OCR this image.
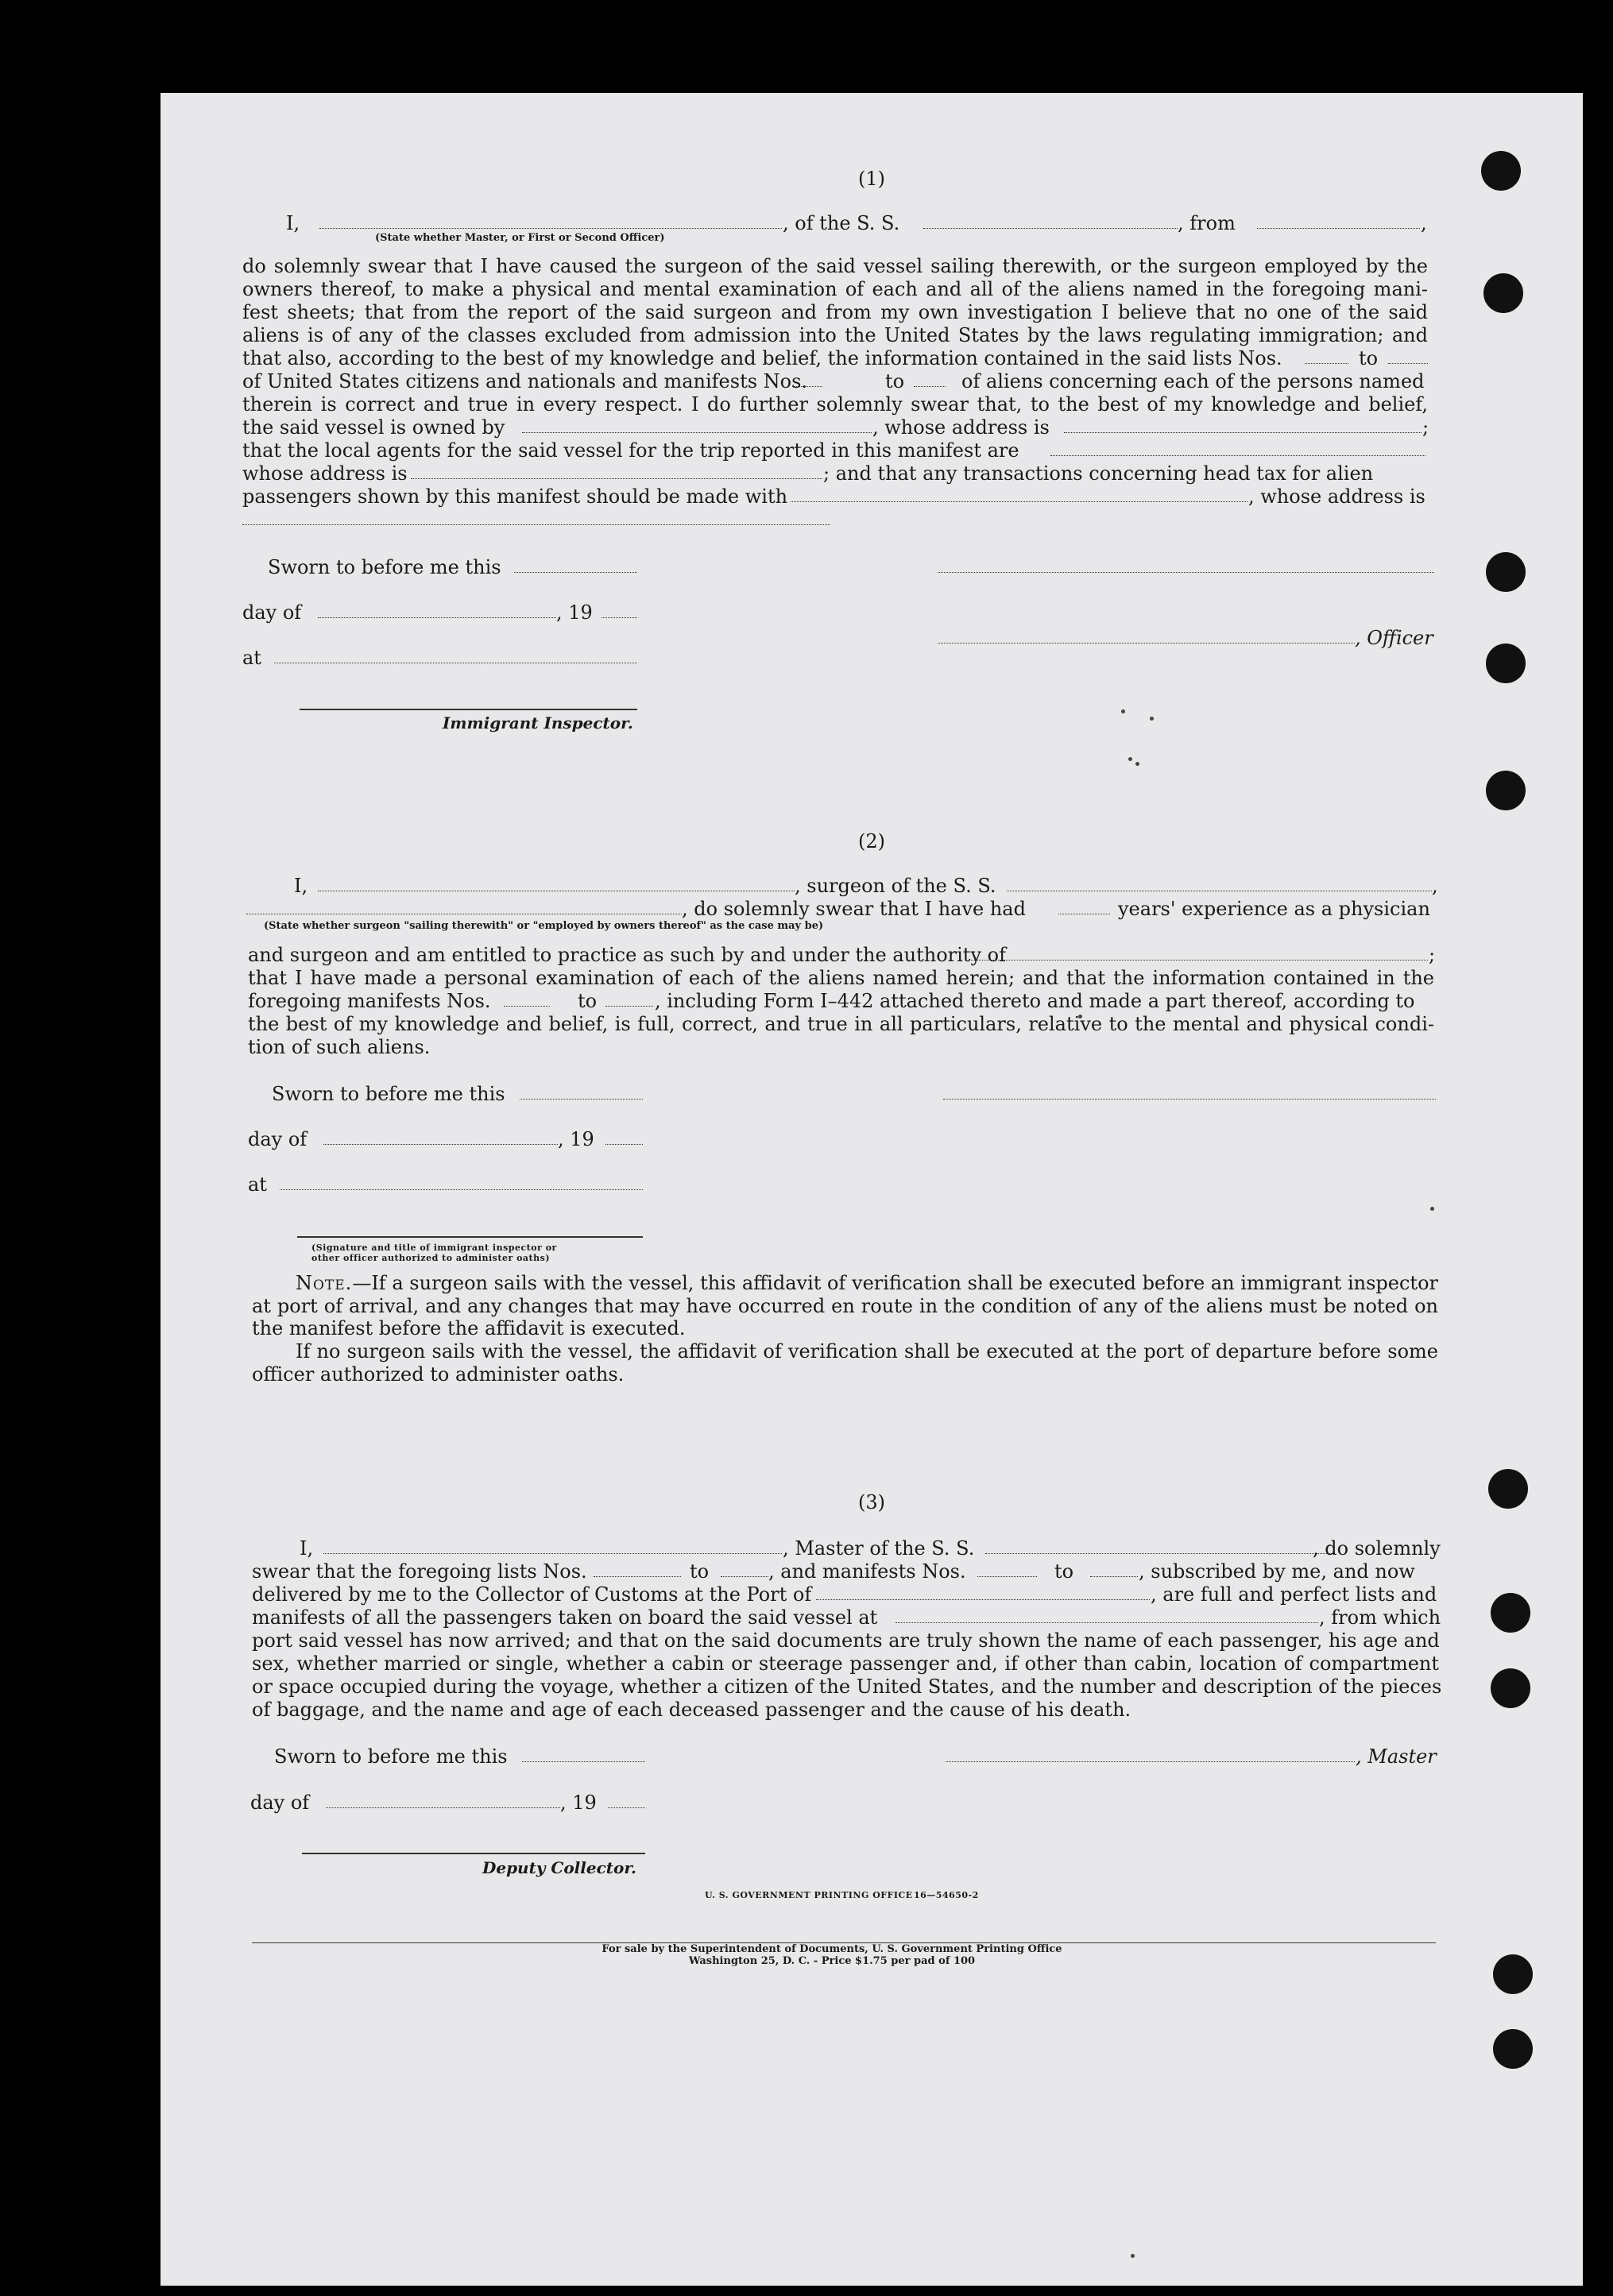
(1)
I,	, of the S. S.	, from	,
(State whether Master, or First or Second Officer)
do solemnly swear that I have caused the surgeon of the said vessel sailing therewith, or the surgeon employed by the
owners thereof, to make a physical and mental examination of each and all of the aliens named in the foregoing mani-
fest sheets; that from the report of the said surgeon and from my own investigation I believe that no one of the said
aliens is of any of the classes excluded from admission into the United States by the laws regulating immigration; and
that also, according to the best of my knowledge and belief, the information contained in the said lists Nos.	to
of United States citizens and nationals and manifests Nos.	to	of aliens concerning each of the persons named
therein is correct and true in every respect. I do further solemnly swear that, to the best of my knowledge and belief,
the said vessel is owned by	, whose address is	;
that the local agents for the said vessel for the trip reported in this manifest are
whose address is	; and that any transactions concerning head tax for alien
passengers shown by this manifest should be made with	, whose address is
Sworn to before me this
day of	, 19
at
, Officer
Immigrant Inspector.
(2)
I,	, surgeon of the S. S.	,
, do solemnly swear that I have had	years' experience as a physician
(State whether surgeon "sailing therewith" or "employed by owners thereof" as the case may be)
and surgeon and am entitled to practice as such by and under the authority of	;
that I have made a personal examination of each of the aliens named herein; and that the information contained in the
foregoing manifests Nos.	to	, including Form I–442 attached thereto and made a part thereof, according to
the best of my knowledge and belief, is full, correct, and true in all particulars, relative to the mental and physical condi-
tion of such aliens.
Sworn to before me this
day of	, 19
at
(Signature and title of immigrant inspector or
other officer authorized to administer oaths)
Note.—If a surgeon sails with the vessel, this affidavit of verification shall be executed before an immigrant inspector at port of arrival, and any changes that may have occurred en route in the condition of any of the aliens must be noted on the manifest before the affidavit is executed.
If no surgeon sails with the vessel, the affidavit of verification shall be executed at the port of departure before some officer authorized to administer oaths.
(3)
I,	, Master of the S. S.	, do solemnly
swear that the foregoing lists Nos.	to	, and manifests Nos.	to	, subscribed by me, and now
delivered by me to the Collector of Customs at the Port of	, are full and perfect lists and
manifests of all the passengers taken on board the said vessel at	, from which
port said vessel has now arrived; and that on the said documents are truly shown the name of each passenger, his age and
sex, whether married or single, whether a cabin or steerage passenger and, if other than cabin, location of compartment
or space occupied during the voyage, whether a citizen of the United States, and the number and description of the pieces
of baggage, and the name and age of each deceased passenger and the cause of his death.
Sworn to before me this	, Master
day of	, 19
Deputy Collector.
U. S. GOVERNMENT PRINTING OFFICE 16—54650-2
For sale by the Superintendent of Documents, U. S. Government Printing Office
Washington 25, D. C. - Price $1.75 per pad of 100
